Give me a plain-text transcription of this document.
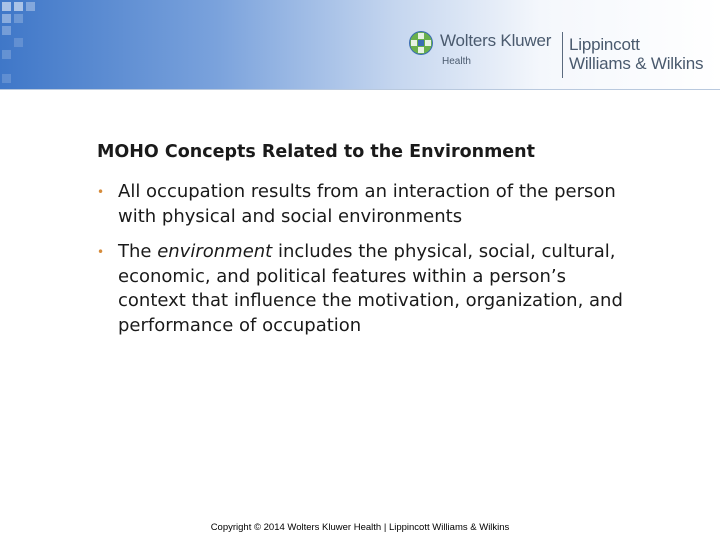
Wolters Kluwer
Health
Lippincott
Williams & Wilkins
MOHO Concepts Related to the Environment
• All occupation results from an interaction of the person with physical and social environments
• The environment includes the physical, social, cultural, economic, and political features within a person’s context that influence the motivation, organization, and performance of occupation
Copyright © 2014 Wolters Kluwer Health | Lippincott Williams & Wilkins
